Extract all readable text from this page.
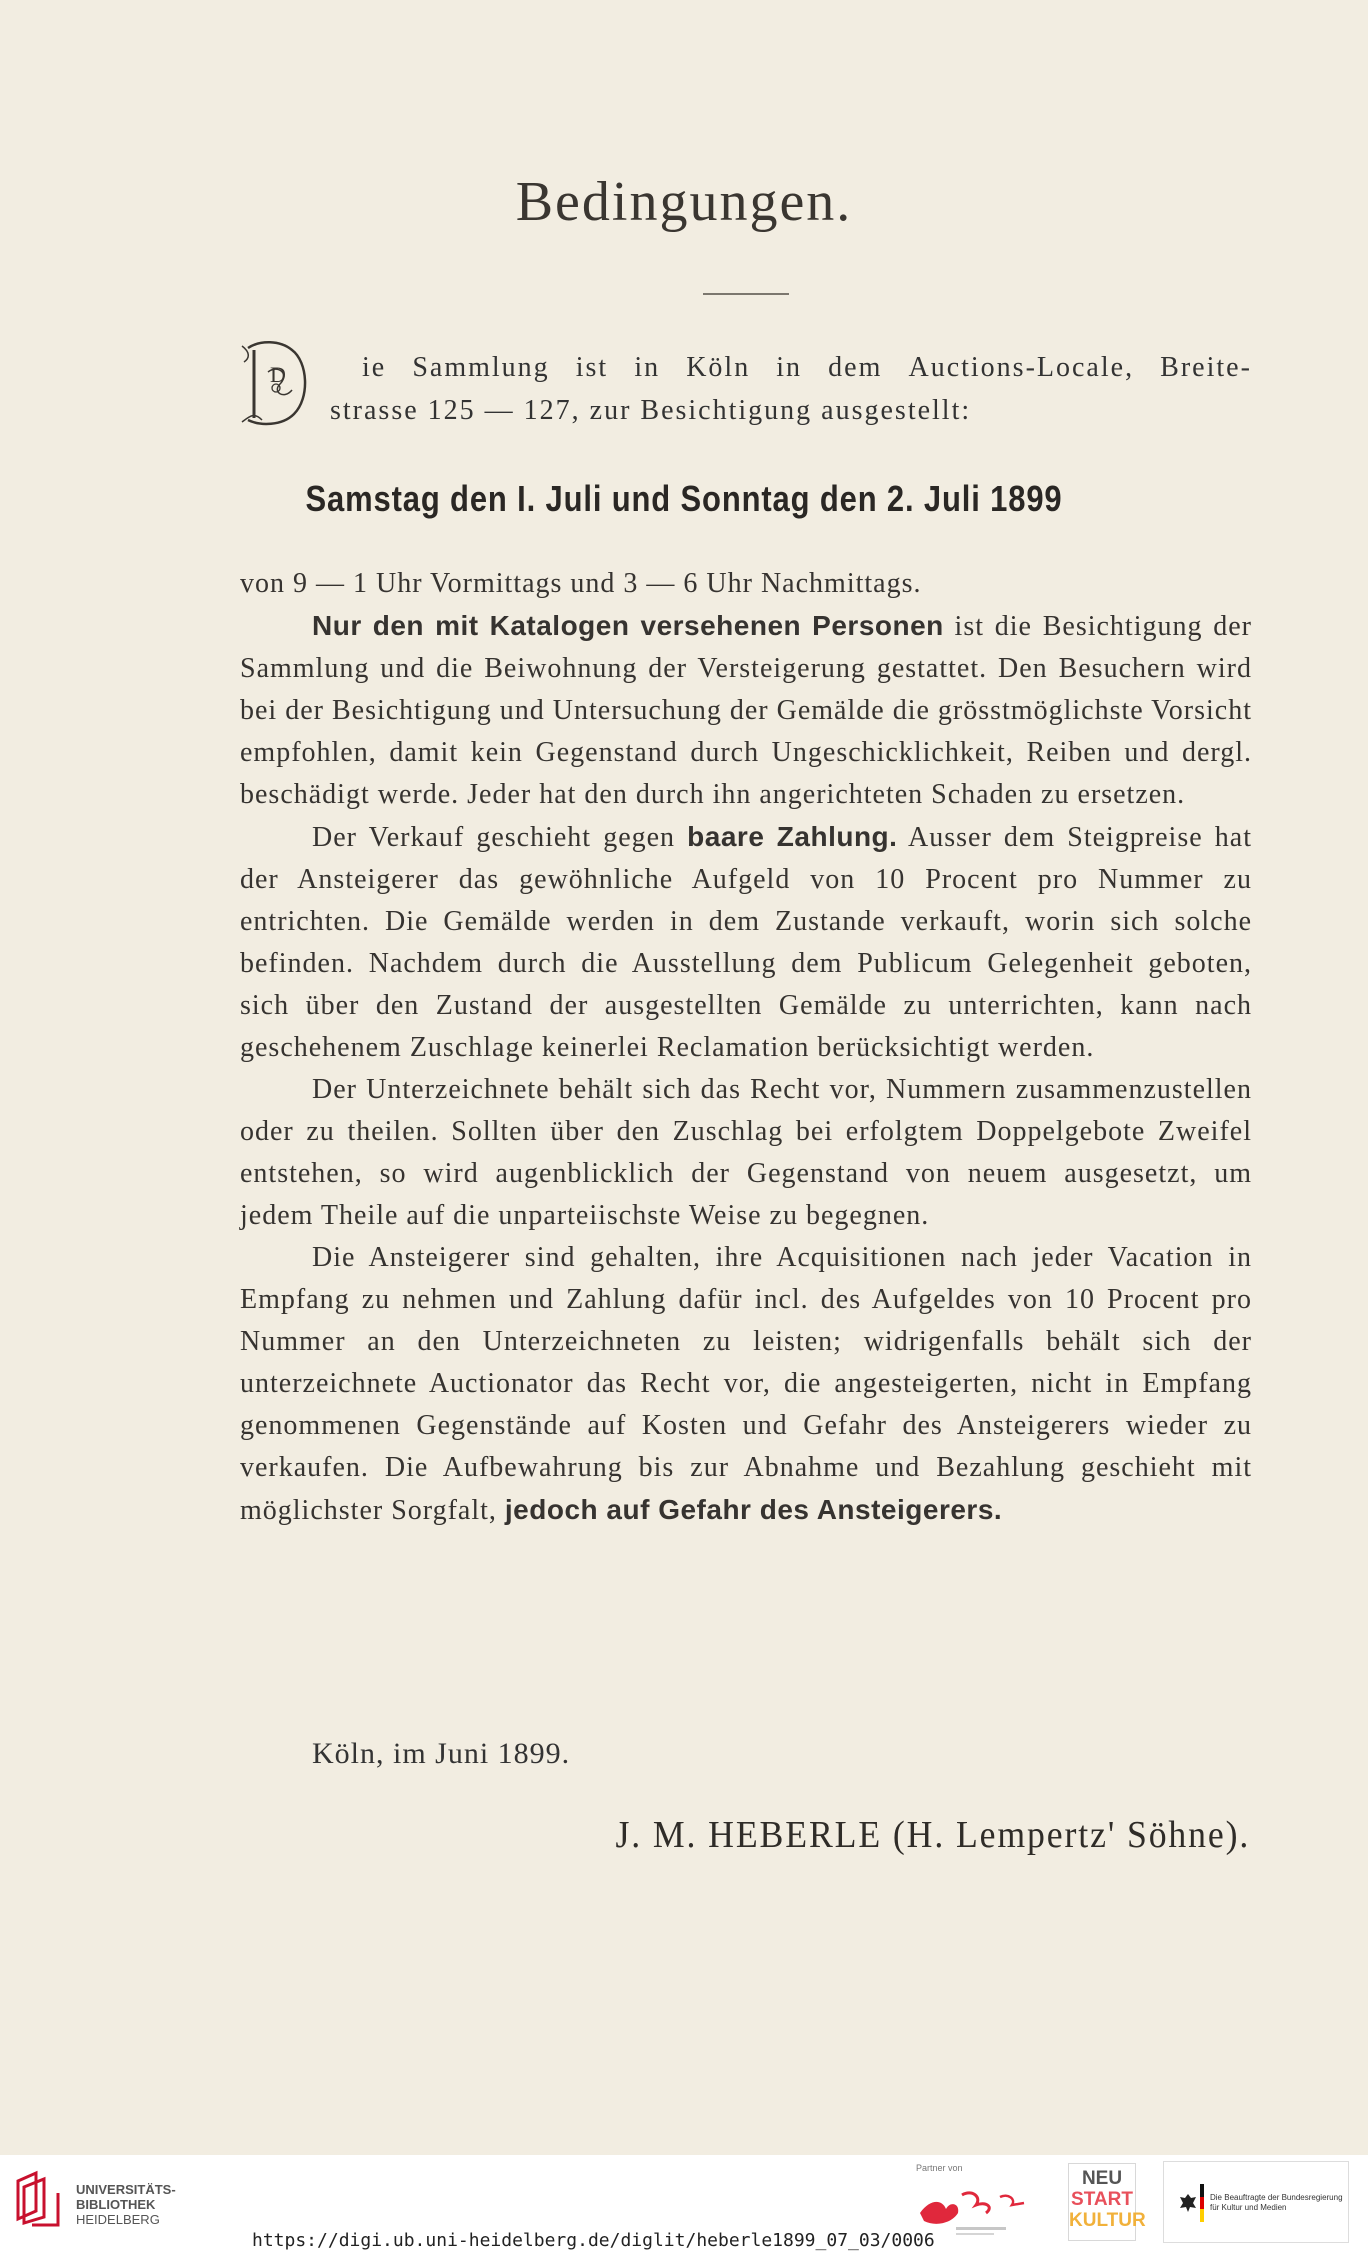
Bedingungen.
D	ie Sammlung ist in Köln in dem Auctions-Locale, Breite-
strasse 125 — 127, zur Besichtigung ausgestellt:
Samstag den I. Juli und Sonntag den 2. Juli 1899

von 9 — 1 Uhr Vormittags und 3 — 6 Uhr Nachmittags.

Nur den mit Katalogen versehenen Personen ist die Besichtigung der Sammlung und die Beiwohnung der Versteigerung gestattet. Den Besuchern wird bei der Besichtigung und Untersuchung der Gemälde die grösstmöglichste Vorsicht empfohlen, damit kein Gegenstand durch Ungeschicklichkeit, Reiben und dergl. beschädigt werde. Jeder hat den durch ihn angerichteten Schaden zu ersetzen.

Der Verkauf geschieht gegen baare Zahlung. Ausser dem Steigpreise hat der Ansteigerer das gewöhnliche Aufgeld von 10 Procent pro Nummer zu entrichten. Die Gemälde werden in dem Zustande verkauft, worin sich solche befinden. Nachdem durch die Ausstellung dem Publicum Gelegenheit geboten, sich über den Zustand der ausgestellten Gemälde zu unterrichten, kann nach geschehenem Zuschlage keinerlei Reclamation berücksichtigt werden.

Der Unterzeichnete behält sich das Recht vor, Nummern zusammenzustellen oder zu theilen. Sollten über den Zuschlag bei erfolgtem Doppelgebote Zweifel entstehen, so wird augenblicklich der Gegenstand von neuem ausgesetzt, um jedem Theile auf die unparteiischste Weise zu begegnen.

Die Ansteigerer sind gehalten, ihre Acquisitionen nach jeder Vacation in Empfang zu nehmen und Zahlung dafür incl. des Aufgeldes von 10 Procent pro Nummer an den Unterzeichneten zu leisten; widrigenfalls behält sich der unterzeichnete Auctionator das Recht vor, die angesteigerten, nicht in Empfang genommenen Gegenstände auf Kosten und Gefahr des Ansteigerers wieder zu verkaufen. Die Aufbewahrung bis zur Abnahme und Bezahlung geschieht mit möglichster Sorgfalt, jedoch auf Gefahr des Ansteigerers.

Köln, im Juni 1899.
J. M. HEBERLE (H. Lempertz' Söhne).
UNIVERSITÄTS-
BIBLIOTHEK
HEIDELBERG
Partner von	NEU
START
KULTUR
Die Beauftragte der Bundesregierung
für Kultur und Medien
https://digi.ub.uni-heidelberg.de/diglit/heberle1899_07_03/0006
